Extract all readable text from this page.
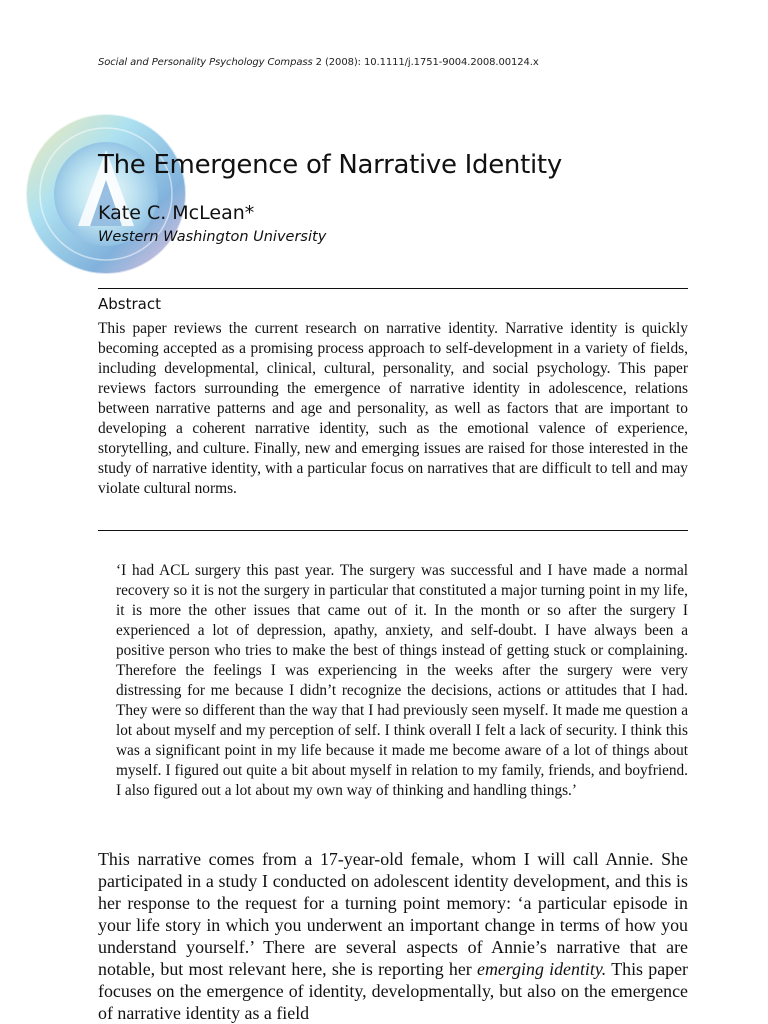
Social and Personality Psychology Compass 2 (2008): 10.1111/j.1751-9004.2008.00124.x
The Emergence of Narrative Identity
Kate C. McLean*
Western Washington University
Abstract

This paper reviews the current research on narrative identity. Narrative identity is quickly becoming accepted as a promising process approach to self-development in a variety of fields, including developmental, clinical, cultural, personality, and social psychology. This paper reviews factors surrounding the emergence of narrative identity in adolescence, relations between narrative patterns and age and personality, as well as factors that are important to developing a coherent narrative identity, such as the emotional valence of experience, storytelling, and culture. Finally, new and emerging issues are raised for those interested in the study of narrative identity, with a particular focus on narratives that are difficult to tell and may violate cultural norms.

‘I had ACL surgery this past year. The surgery was successful and I have made a normal recovery so it is not the surgery in particular that constituted a major turning point in my life, it is more the other issues that came out of it. In the month or so after the surgery I experienced a lot of depression, apathy, anxiety, and self-doubt. I have always been a positive person who tries to make the best of things instead of getting stuck or complaining. Therefore the feelings I was experiencing in the weeks after the surgery were very distressing for me because I didn’t recognize the decisions, actions or attitudes that I had. They were so different than the way that I had previously seen myself. It made me question a lot about myself and my perception of self. I think overall I felt a lack of security. I think this was a significant point in my life because it made me become aware of a lot of things about myself. I figured out quite a bit about myself in relation to my family, friends, and boyfriend. I also figured out a lot about my own way of thinking and handling things.’

This narrative comes from a 17-year-old female, whom I will call Annie. She participated in a study I conducted on adolescent identity development, and this is her response to the request for a turning point memory: ‘a particular episode in your life story in which you underwent an important change in terms of how you understand yourself.’ There are several aspects of Annie’s narrative that are notable, but most relevant here, she is reporting her emerging identity. This paper focuses on the emergence of identity, developmentally, but also on the emergence of narrative identity as a field
